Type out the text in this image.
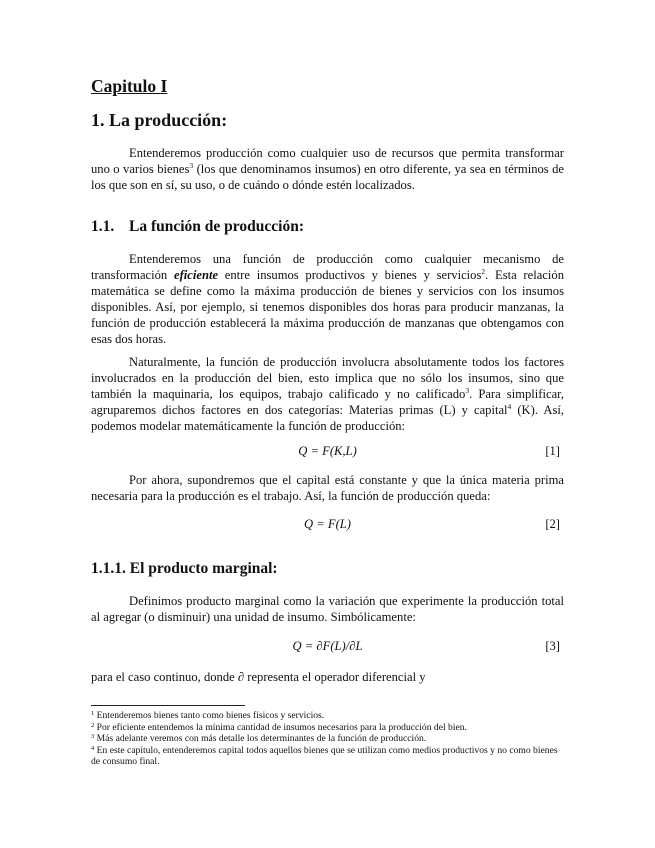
Capitulo I
1. La producción:

Entenderemos producción como cualquier uso de recursos que permita transformar uno o varios bienes$^3$ (los que denominamos insumos) en otro diferente, ya sea en términos de los que son en sí, su uso, o de cuándo o dónde estén localizados.

1.1. La función de producción:

Entenderemos una función de producción como cualquier mecanismo de transformación eficiente entre insumos productivos y bienes y servicios$^2$. Esta relación matemática se define como la máxima producción de bienes y servicios con los insumos disponibles. Así, por ejemplo, si tenemos disponibles dos horas para producir manzanas, la función de producción establecerá la máxima producción de manzanas que obtengamos con esas dos horas.

Naturalmente, la función de producción involucra absolutamente todos los factores involucrados en la producción del bien, esto implica que no sólo los insumos, sino que también la maquinaria, los equipos, trabajo calificado y no calificado$^3$. Para simplificar, agruparemos dichos factores en dos categorías: Materias primas (L) y capital$^4$ (K). Así, podemos modelar matemáticamente la función de producción:

Q = F(K,L)	[1]

Por ahora, supondremos que el capital está constante y que la única materia prima necesaria para la producción es el trabajo. Así, la función de producción queda:

Q = F(L)	[2]
1.1.1. El producto marginal:

Definimos producto marginal como la variación que experimente la producción total al agregar (o disminuir) una unidad de insumo. Simbólicamente:

Q = ∂F(L)/∂L	[3]

para el caso continuo, donde ∂ representa el operador diferencial y

$^1$ Entenderemos bienes tanto como bienes físicos y servicios.

$^2$ Por eficiente entendemos la mínima cantidad de insumos necesarios para la producción del bien.

$^3$ Más adelante veremos con más detalle los determinantes de la función de producción.

$^4$ En este capítulo, entenderemos capital todos aquellos bienes que se utilizan como medios productivos y no como bienes de consumo final.
